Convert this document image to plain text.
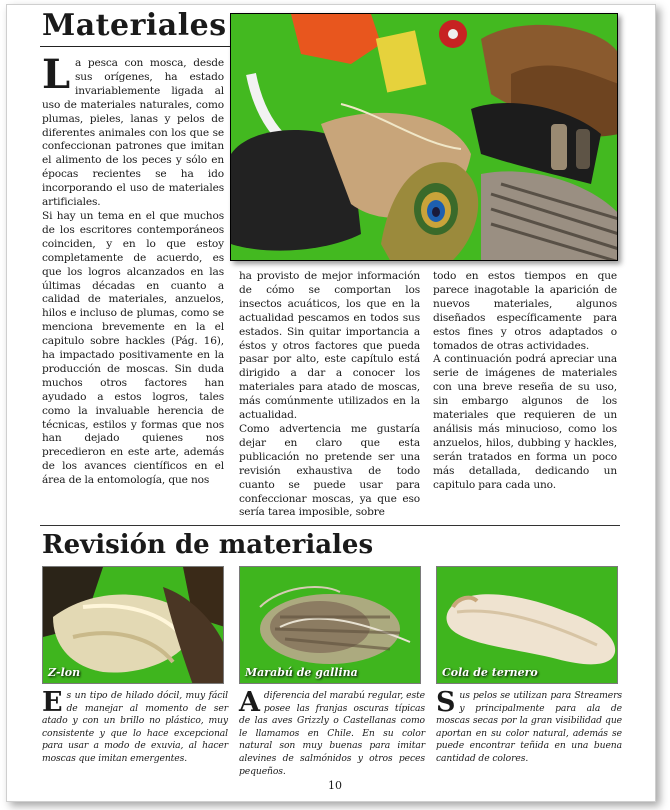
Materiales
L a pesca con mosca, desde sus orígenes, ha estado invariablemente ligada al uso de materiales naturales, como plumas, pieles, lanas y pelos de diferentes animales con los que se confeccionan patrones que imitan el alimento de los peces y sólo en épocas recientes se ha ido incorporando el uso de materiales artificiales.

Si hay un tema en el que muchos de los escritores contemporáneos coinciden, y en lo que estoy completamente de acuerdo, es que los logros alcanzados en las últimas décadas en cuanto a calidad de materiales, anzuelos, hilos e incluso de plumas, como se menciona brevemente en la el capitulo sobre hackles (Pág. 16), ha impactado positivamente en la producción de moscas. Sin duda muchos otros factores han ayudado a estos logros, tales como la invaluable herencia de técnicas, estilos y formas que nos han dejado quienes nos precedieron en este arte, además de los avances científicos en el área de la entomología, que nos

ha provisto de mejor información de cómo se comportan los insectos acuáticos, los que en la actualidad pescamos en todos sus estados. Sin quitar importancia a éstos y otros factores que pueda pasar por alto, este capítulo está dirigido a dar a conocer los materiales para atado de moscas, más comúnmente utilizados en la actualidad.

Como advertencia me gustaría dejar en claro que esta publicación no pretende ser una revisión exhaustiva de todo cuanto se puede usar para confeccionar moscas, ya que eso sería tarea imposible, sobre

todo en estos tiempos en que parece inagotable la aparición de nuevos materiales, algunos diseñados específicamente para estos fines y otros adaptados o tomados de otras actividades.

A continuación podrá apreciar una serie de imágenes de materiales con una breve reseña de su uso, sin embargo algunos de los materiales que requieren de un análisis más minucioso, como los anzuelos, hilos, dubbing y hackles, serán tratados en forma un poco más detallada, dedicando un capitulo para cada uno.

Revisión de materiales
Z-lon
Es un tipo de hilado dócil, muy fácil de manejar al momento de ser atado y con un brillo no plástico, muy consistente y que lo hace excepcional para usar a modo de exuvia, al hacer moscas que imitan emergentes.
Marabú de gallina
A diferencia del marabú regular, este posee las franjas oscuras típicas de las aves Grizzly o Castellanas como le llamamos en Chile. En su color natural son muy buenas para imitar alevines de salmónidos y otros peces pequeños.
Cola de ternero
Sus pelos se utilizan para Streamers y principalmente para ala de moscas secas por la gran visibilidad que aportan en su color natural, además se puede encontrar teñida en una buena cantidad de colores.
10
